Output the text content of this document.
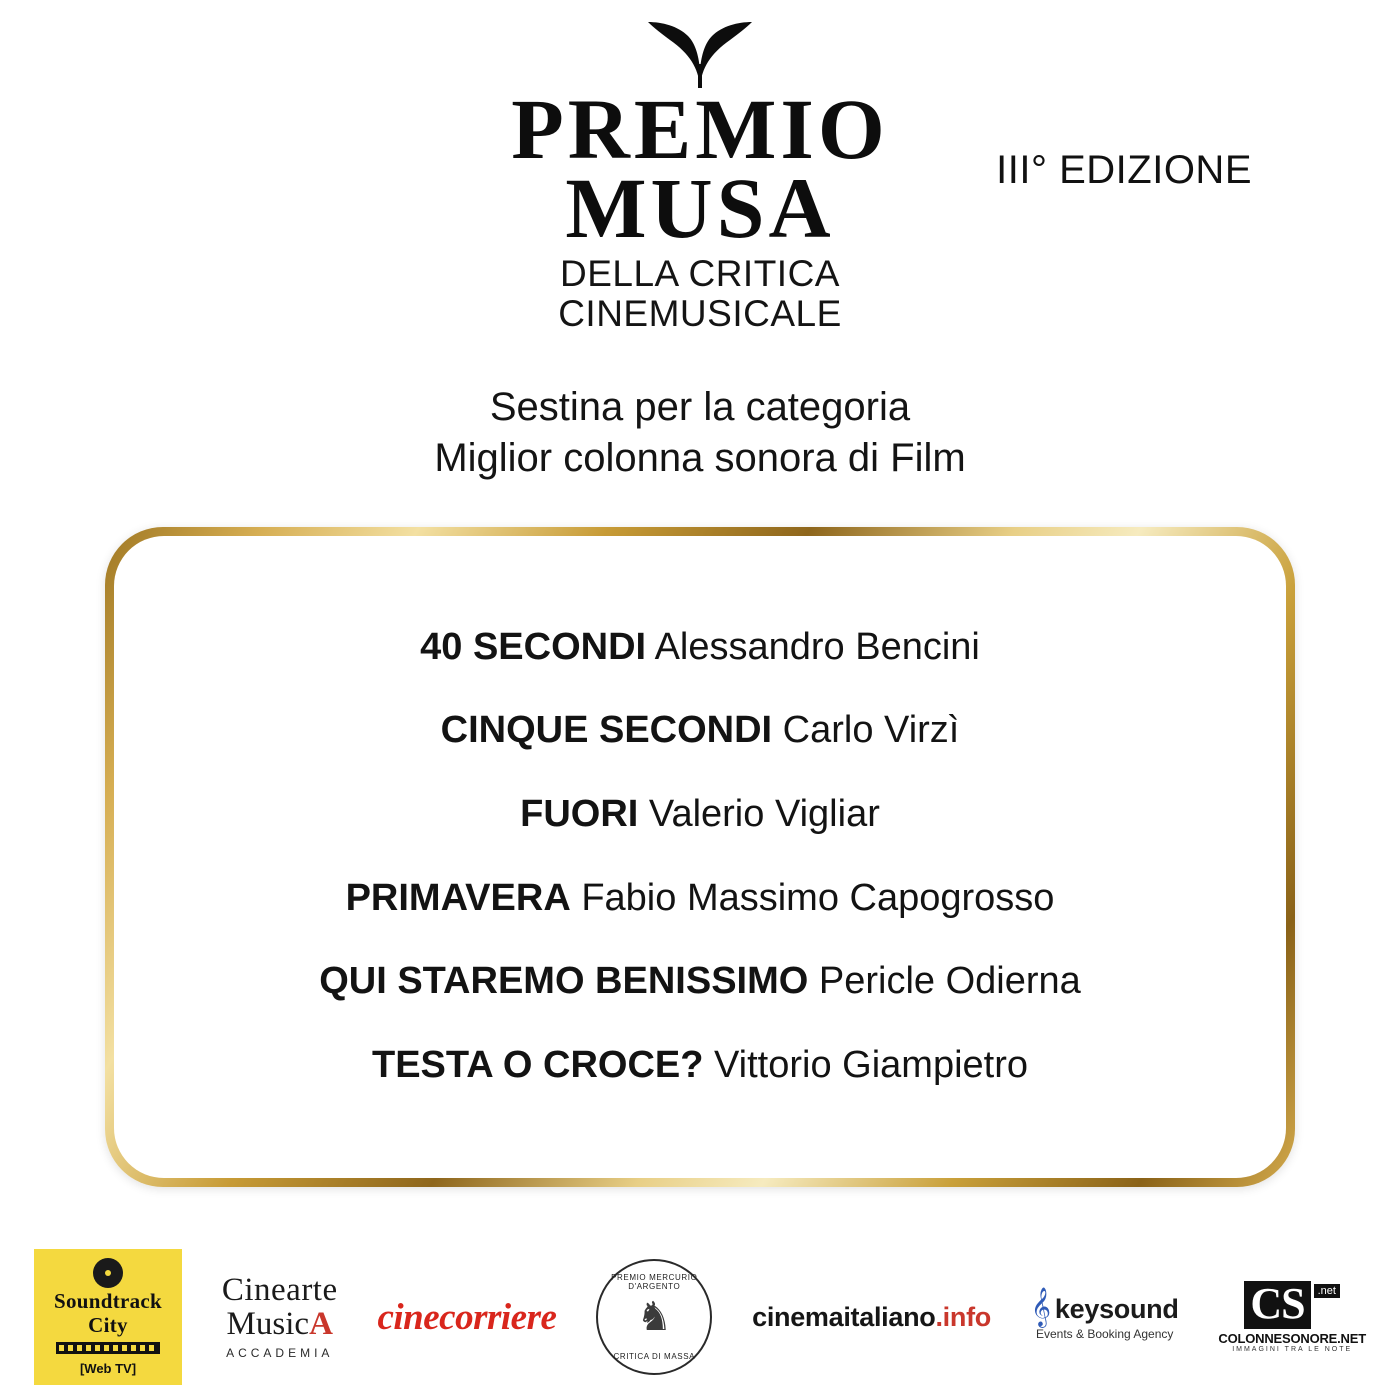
PREMIO
MUSA
DELLA CRITICA
CINEMUSICALE
III° EDIZIONE
Sestina per la categoria
Miglior colonna sonora di Film
40 SECONDI Alessandro Bencini
CINQUE SECONDI Carlo Virzì
FUORI Valerio Vigliar
PRIMAVERA Fabio Massimo Capogrosso
QUI STAREMO BENISSIMO Pericle Odierna
TESTA O CROCE? Vittorio Giampietro
Soundtrack
City
[Web TV]
Cinearte
MusicA
ACCADEMIA
cinecorriere
PREMIO MERCURIO D'ARGENTO
♞
CRITICA DI MASSA
cinemaitaliano .info 𝄞 keysound
Events & Booking Agency
CS	.net
COLONNESONORE.NET
IMMAGINI TRA LE NOTE
